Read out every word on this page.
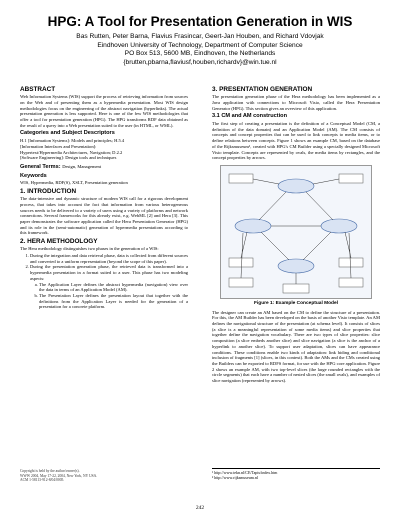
HPG: A Tool for Presentation Generation in WIS
Bas Rutten, Peter Barna, Flavius Frasincar, Geert-Jan Houben, and Richard Vdovjak
Eindhoven University of Technology, Department of Computer Science
PO Box 513, 5600 MB, Eindhoven, the Netherlands
{brutten,pbarna,flaviusf,houben,richardv}@win.tue.nl
ABSTRACT

Web Information Systems (WIS) support the process of retrieving information from sources on the Web and of presenting them as a hypermedia presentation. Most WIS design methodologies focus on the engineering of the abstract navigation (hyperlinks). The actual presentation generation is less supported. Here is one of the few WIS methodologies that offer a tool for presentation generation (HPG). The HPG transforms RDF data obtained as the result of a query into a Web presentation suited to the user (in HTML, or WML).

Categories and Subject Descriptors
H.1 [Information Systems]: Models and principles; H.5.4
[Information Interfaces and Presentation]:
Hypertext/Hypermedia Architectures, Navigation; D.2.2
[Software Engineering]: Design tools and techniques
General Terms: Design, Management
Keywords

WIS, Hypermedia, RDF(S), XSLT, Presentation generation

1. INTRODUCTION

The data-intensive and dynamic structure of modern WIS call for a rigorous development process, that takes into account the fact that information from various heterogeneous sources needs to be delivered to a variety of users using a variety of platforms and network connections. Several frameworks for this already exist, e.g. WebML [2] and Hera [3]. This paper demonstrates the software application called the Hera Presentation Generator (HPG) and its role in the (semi-automatic) generation of hypermedia presentations according to this framework.

2. HERA METHODOLOGY

The Hera methodology distinguishes two phases in the generation of a WIS:

1. During the integration and data retrieval phase, data is collected from different sources and converted to a uniform representation (beyond the scope of this paper).
2. During the presentation generation phase, the retrieved data is transformed into a hypermedia presentation in a format suited to a user. This phase has two modeling aspects:
a. The Application Layer defines the abstract hypermedia (navigation) view over the data in terms of an Application Model (AM).
b. The Presentation Layer defines the presentation layout that together with the definitions from the Application Layer is needed for the generation of a presentation for a concrete platform.
Copyright is held by the author/owner(s).
WWW 2004, May 17-22, 2004, New York, NY USA.
ACM 1-58113-912-8/04/0005.
3. PRESENTATION GENERATION

The presentation generation phase of the Hera methodology has been implemented as a Java application with connections to Microsoft Visio, called the Hera Presentation Generator (HPG). This section gives an overview of this application.

3.1 CM and AM construction

The first step of creating a presentation is the definition of a Conceptual Model (CM, a definition of the data domain) and an Application Model (AM). The CM consists of concepts and concept properties that can be used to link concepts to media items, or to define relations between concepts. Figure 1 shows an example CM, based on the database of the Rijksmuseum¹, created with HPG's CM Builder using a specially designed Microsoft Visio template. Concepts are represented by ovals, the media items by rectangles, and the concept properties by arrows.

Figure 1: Example Conceptual Model

The designer can create an AM based on the CM to define the structure of a presentation. For this, the AM Builder has been developed on the basis of another Visio template. An AM defines the navigational structure of the presentation (at schema level). It consists of slices (a slice is a meaningful representation of some media items) and slice properties that together define the navigation vocabulary. There are two types of slice properties: slice composition (a slice embeds another slice) and slice navigation (a slice is the anchor of a hyperlink to another slice). To support user adaptation, slices can have appearance conditions. These conditions enable two kinds of adaptation: link hiding and conditional inclusion of fragments [1] (slices, in this context). Both the AMs and the CMs created using the Builders can be exported to RDFS format, for use with the HPG core application. Figure 2 shows an example AM, with two top-level slices (the large rounded rectangles with the circle segments) that each have a number of nested slices (the small ovals), and examples of slice navigation (represented by arrows).

¹ http://www.tekn.nl/CE/Tapis/index.htm
² http://www.rijksmuseum.nl
242
